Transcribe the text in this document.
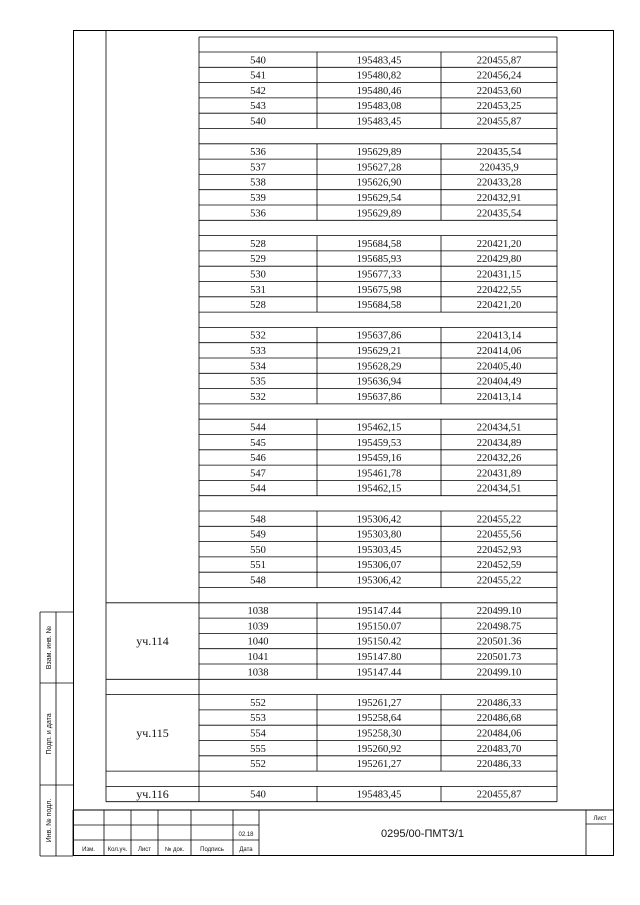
540	195483,45	220455,87
541	195480,82	220456,24
542	195480,46	220453,60
543	195483,08	220453,25
540	195483,45	220455,87
536	195629,89	220435,54
537	195627,28	220435,9
538	195626,90	220433,28
539	195629,54	220432,91
536	195629,89	220435,54
528	195684,58	220421,20
529	195685,93	220429,80
530	195677,33	220431,15
531	195675,98	220422,55
528	195684,58	220421,20
532	195637,86	220413,14
533	195629,21	220414,06
534	195628,29	220405,40
535	195636,94	220404,49
532	195637,86	220413,14
544	195462,15	220434,51
545	195459,53	220434,89
546	195459,16	220432,26
547	195461,78	220431,89
544	195462,15	220434,51
548	195306,42	220455,22
549	195303,80	220455,56
550	195303,45	220452,93
551	195306,07	220452,59
548	195306,42	220455,22
1038	195147.44	220499.10
1039	195150.07	220498.75
1040	195150.42	220501.36
1041	195147.80	220501.73
1038	195147.44	220499.10
уч.114
552	195261,27	220486,33
553	195258,64	220486,68
554	195258,30	220484,06
555	195260,92	220483,70
552	195261,27	220486,33
уч.115
540	195483,45	220455,87
уч.116
Взам. инв. №
Подп. и дата
Инв. № подл.
Изм. Кол.уч. Лист № док.	Подпись	Дата
02.18	0295/00-ПМТЗ/1
Лист
